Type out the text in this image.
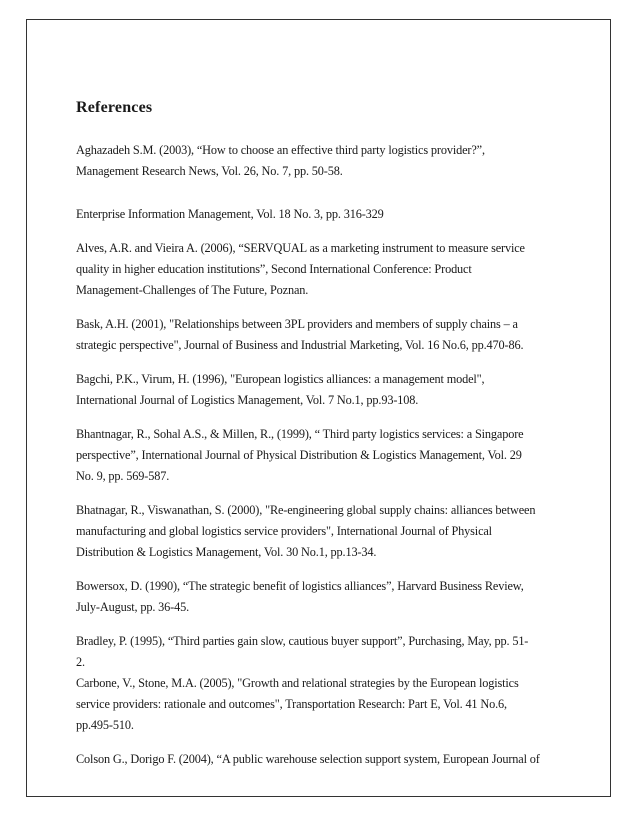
References
Aghazadeh S.M. (2003), “How to choose an effective third party logistics provider?”,
Management Research News, Vol. 26, No. 7, pp. 50-58.
Enterprise Information Management, Vol. 18 No. 3, pp. 316-329
Alves, A.R. and Vieira A. (2006), “SERVQUAL as a marketing instrument to measure service
quality in higher education institutions”, Second International Conference: Product
Management-Challenges of The Future, Poznan.
Bask, A.H. (2001), "Relationships between 3PL providers and members of supply chains – a
strategic perspective", Journal of Business and Industrial Marketing, Vol. 16 No.6, pp.470-86.
Bagchi, P.K., Virum, H. (1996), "European logistics alliances: a management model",
International Journal of Logistics Management, Vol. 7 No.1, pp.93-108.
Bhantnagar, R., Sohal A.S., & Millen, R., (1999), “ Third party logistics services: a Singapore
perspective”, International Journal of Physical Distribution & Logistics Management, Vol. 29
No. 9, pp. 569-587.
Bhatnagar, R., Viswanathan, S. (2000), "Re-engineering global supply chains: alliances between
manufacturing and global logistics service providers", International Journal of Physical
Distribution & Logistics Management, Vol. 30 No.1, pp.13-34.
Bowersox, D. (1990), “The strategic benefit of logistics alliances”, Harvard Business Review,
July-August, pp. 36-45.
Bradley, P. (1995), “Third parties gain slow, cautious buyer support”, Purchasing, May, pp. 51-
2.
Carbone, V., Stone, M.A. (2005), "Growth and relational strategies by the European logistics
service providers: rationale and outcomes", Transportation Research: Part E, Vol. 41 No.6,
pp.495-510.
Colson G., Dorigo F. (2004), “A public warehouse selection support system, European Journal of
